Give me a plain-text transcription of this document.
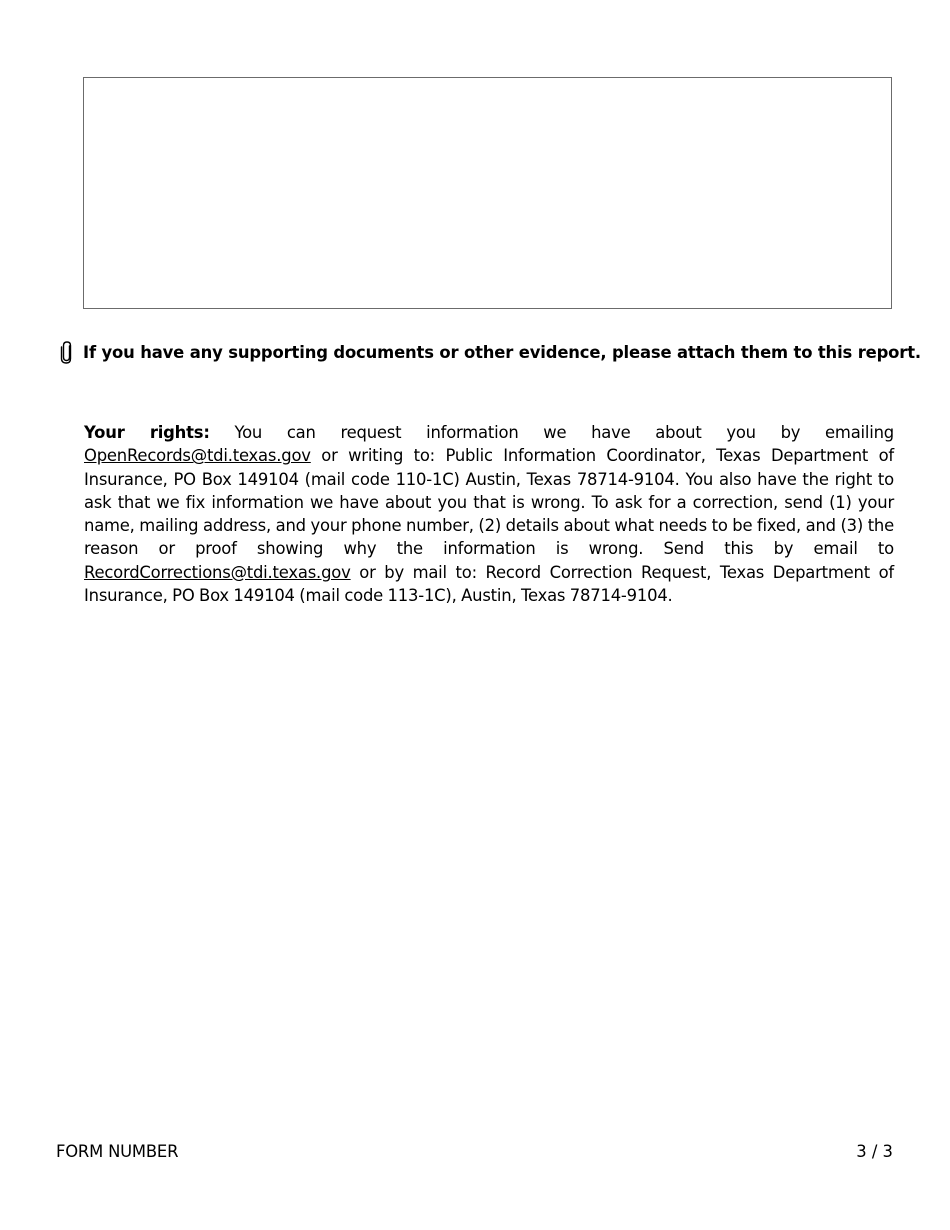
If you have any supporting documents or other evidence, please attach them to this report.
Your rights: You can request information we have about you by emailing OpenRecords@tdi.texas.gov or writing to: Public Information Coordinator, Texas Department of Insurance, PO Box 149104 (mail code 110-1C) Austin, Texas 78714-9104. You also have the right to ask that we fix information we have about you that is wrong. To ask for a correction, send (1) your name, mailing address, and your phone number, (2) details about what needs to be fixed, and (3) the reason or proof showing why the information is wrong. Send this by email to RecordCorrections@tdi.texas.gov or by mail to: Record Correction Request, Texas Department of Insurance, PO Box 149104 (mail code 113-1C), Austin, Texas 78714-9104.
FORM NUMBER	3 / 3
